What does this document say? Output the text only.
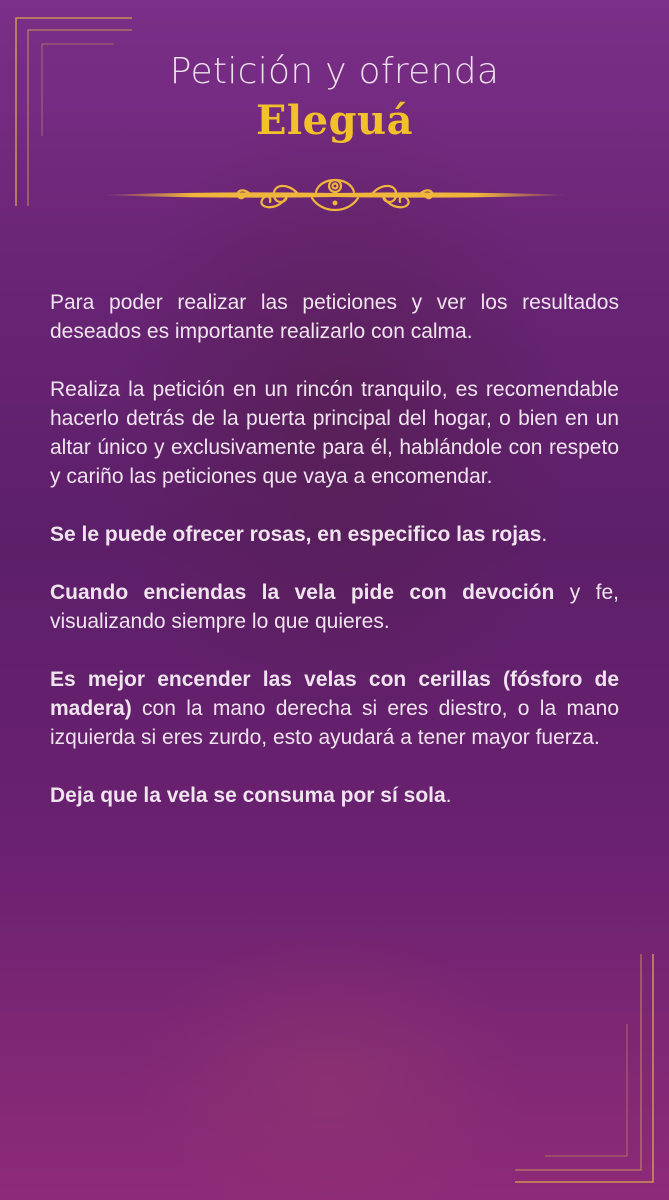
Petición y ofrenda
Eleguá

Para poder realizar las peticiones y ver los resultados deseados es importante realizarlo con calma.

Realiza la petición en un rincón tranquilo, es recomendable hacerlo detrás de la puerta principal del hogar, o bien en un altar único y exclusivamente para él, hablándole con respeto y cariño las peticiones que vaya a encomendar.

Se le puede ofrecer rosas, en especifico las rojas.

Cuando enciendas la vela pide con devoción y fe, visualizando siempre lo que quieres.

Es mejor encender las velas con cerillas (fósforo de madera) con la mano derecha si eres diestro, o la mano izquierda si eres zurdo, esto ayudará a tener mayor fuerza.

Deja que la vela se consuma por sí sola.
